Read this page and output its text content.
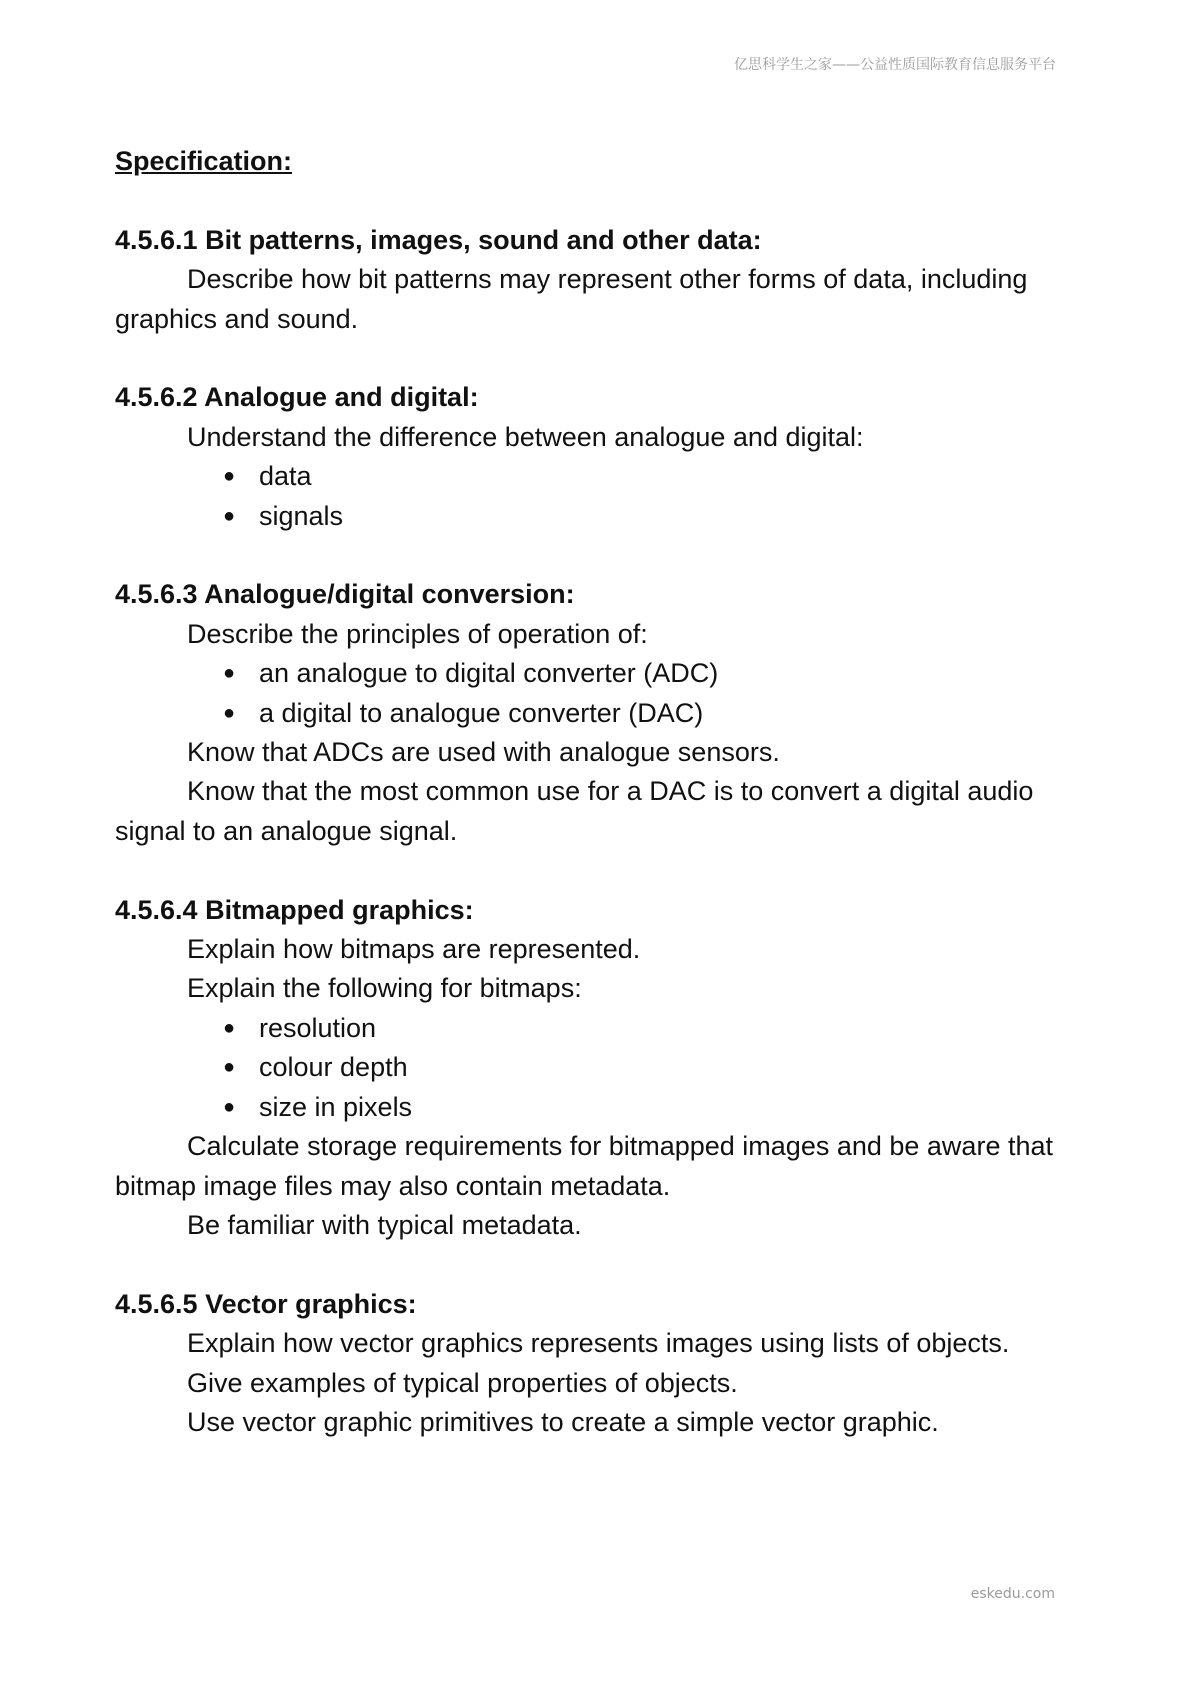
亿思科学生之家——公益性质国际教育信息服务平台
Specification:
4.5.6.1 Bit patterns, images, sound and other data:
Describe how bit patterns may represent other forms of data, including graphics and sound.
4.5.6.2 Analogue and digital:
Understand the difference between analogue and digital:
● data
● signals
4.5.6.3 Analogue/digital conversion:
Describe the principles of operation of:
● an analogue to digital converter (ADC)
● a digital to analogue converter (DAC)
Know that ADCs are used with analogue sensors.
Know that the most common use for a DAC is to convert a digital audio signal to an analogue signal.
4.5.6.4 Bitmapped graphics:
Explain how bitmaps are represented.
Explain the following for bitmaps:
● resolution
● colour depth
● size in pixels
Calculate storage requirements for bitmapped images and be aware that bitmap image files may also contain metadata.
Be familiar with typical metadata.
4.5.6.5 Vector graphics:
Explain how vector graphics represents images using lists of objects.
Give examples of typical properties of objects.
Use vector graphic primitives to create a simple vector graphic.
eskedu.com
